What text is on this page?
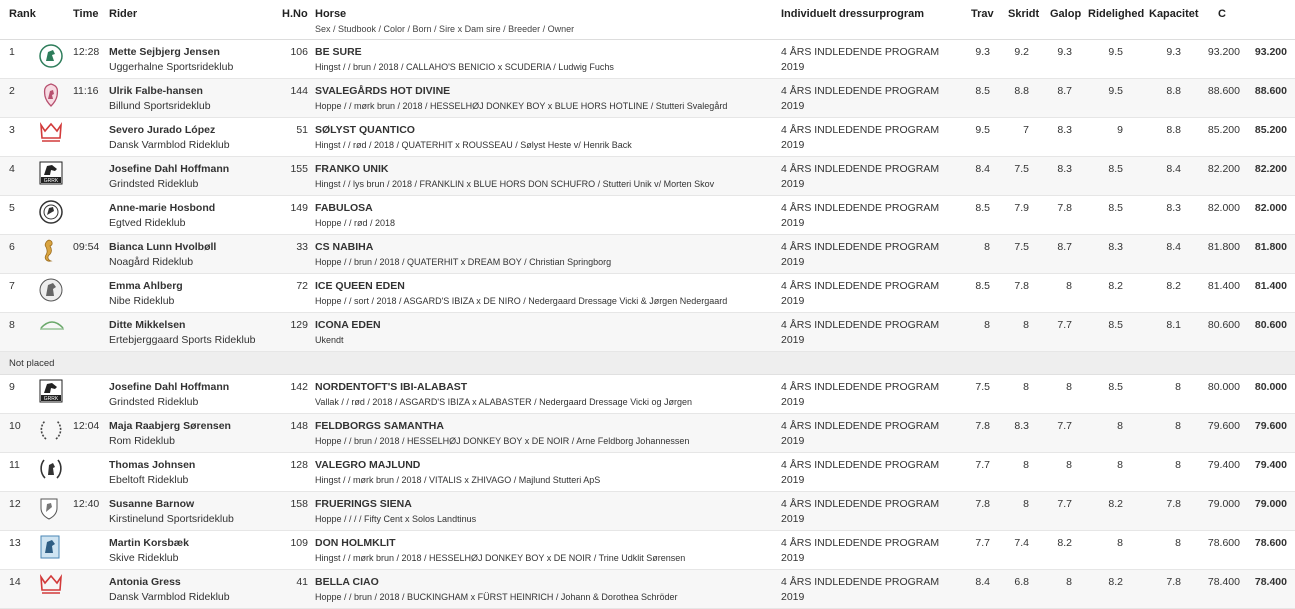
Rank	Time Rider	H.No Horse
Sex / Studbook / Color / Born / Sire x Dam sire / Breeder / Owner
Individuelt dressurprogram	Trav Skridt Galop Ridelighed Kapacitet C
1	12:28 Mette Sejbjerg Jensen
Uggerhalne Sportsrideklub
106 BE SURE
Hingst / / brun / 2018 / CALLAHO'S BENICIO x SCUDERIA / Ludwig Fuchs
4 ÅRS INDLEDENDE PROGRAM
2019
9.3	9.2	9.3	9.5	9.3	93.200	93.200
2	11:16 Ulrik Falbe-hansen
Billund Sportsrideklub
144 SVALEGÅRDS HOT DIVINE
Hoppe / / mørk brun / 2018 / HESSELHØJ DONKEY BOY x BLUE HORS HOTLINE / Stutteri Svalegård
4 ÅRS INDLEDENDE PROGRAM
2019
8.5	8.8	8.7	9.5	8.8	88.600	88.600
3	Severo Jurado López
Dansk Varmblod Rideklub
51 SØLYST QUANTICO
Hingst / / rød / 2018 / QUATERHIT x ROUSSEAU / Sølyst Heste v/ Henrik Back
4 ÅRS INDLEDENDE PROGRAM
2019
9.5	7	8.3	9	8.8	85.200	85.200
GRRK
4	Josefine Dahl Hoffmann
Grindsted Rideklub
155 FRANKO UNIK
Hingst / / lys brun / 2018 / FRANKLIN x BLUE HORS DON SCHUFRO / Stutteri Unik v/ Morten Skov
4 ÅRS INDLEDENDE PROGRAM
2019
8.4	7.5	8.3	8.5	8.4	82.200	82.200
5	Anne-marie Hosbond
Egtved Rideklub
149 FABULOSA
Hoppe / / rød / 2018
4 ÅRS INDLEDENDE PROGRAM
2019
8.5	7.9	7.8	8.5	8.3	82.000	82.000
6	09:54 Bianca Lunn Hvolbøll
Noagård Rideklub
33 CS NABIHA
Hoppe / / brun / 2018 / QUATERHIT x DREAM BOY / Christian Springborg
4 ÅRS INDLEDENDE PROGRAM
2019
8	7.5	8.7	8.3	8.4	81.800	81.800
7	Emma Ahlberg
Nibe Rideklub
72 ICE QUEEN EDEN
Hoppe / / sort / 2018 / ASGARD'S IBIZA x DE NIRO / Nedergaard Dressage Vicki & Jørgen Nedergaard
4 ÅRS INDLEDENDE PROGRAM
2019
8.5	7.8	8	8.2	8.2	81.400	81.400
8	Ditte Mikkelsen
Ertebjerggaard Sports Rideklub
129 ICONA EDEN
Ukendt
4 ÅRS INDLEDENDE PROGRAM
2019
8	8	7.7	8.5	8.1	80.600	80.600
Not placed
GRRK
9	Josefine Dahl Hoffmann
Grindsted Rideklub
142 NORDENTOFT'S IBI-ALABAST
Vallak / / rød / 2018 / ASGARD'S IBIZA x ALABASTER / Nedergaard Dressage Vicki og Jørgen
4 ÅRS INDLEDENDE PROGRAM
2019
7.5	8	8	8.5	8	80.000	80.000
10	12:04 Maja Raabjerg Sørensen
Rom Rideklub
148 FELDBORGS SAMANTHA
Hoppe / / brun / 2018 / HESSELHØJ DONKEY BOY x DE NOIR / Arne Feldborg Johannessen
4 ÅRS INDLEDENDE PROGRAM
2019
7.8	8.3	7.7	8	8	79.600	79.600
11	Thomas Johnsen
Ebeltoft Rideklub
128 VALEGRO MAJLUND
Hingst / / mørk brun / 2018 / VITALIS x ZHIVAGO / Majlund Stutteri ApS
4 ÅRS INDLEDENDE PROGRAM
2019
7.7	8	8	8	8	79.400	79.400
12	12:40 Susanne Barnow
Kirstinelund Sportsrideklub
158 FRUERINGS SIENA
Hoppe / / / / Fifty Cent x Solos Landtinus
4 ÅRS INDLEDENDE PROGRAM
2019
7.8	8	7.7	8.2	7.8	79.000	79.000
13	Martin Korsbæk
Skive Rideklub
109 DON HOLMKLIT
Hingst / / mørk brun / 2018 / HESSELHØJ DONKEY BOY x DE NOIR / Trine Udklit Sørensen
4 ÅRS INDLEDENDE PROGRAM
2019
7.7	7.4	8.2	8	8	78.600	78.600
14	Antonia Gress
Dansk Varmblod Rideklub
41 BELLA CIAO
Hoppe / / brun / 2018 / BUCKINGHAM x FÜRST HEINRICH / Johann & Dorothea Schröder
4 ÅRS INDLEDENDE PROGRAM
2019
8.4	6.8	8	8.2	7.8	78.400	78.400
